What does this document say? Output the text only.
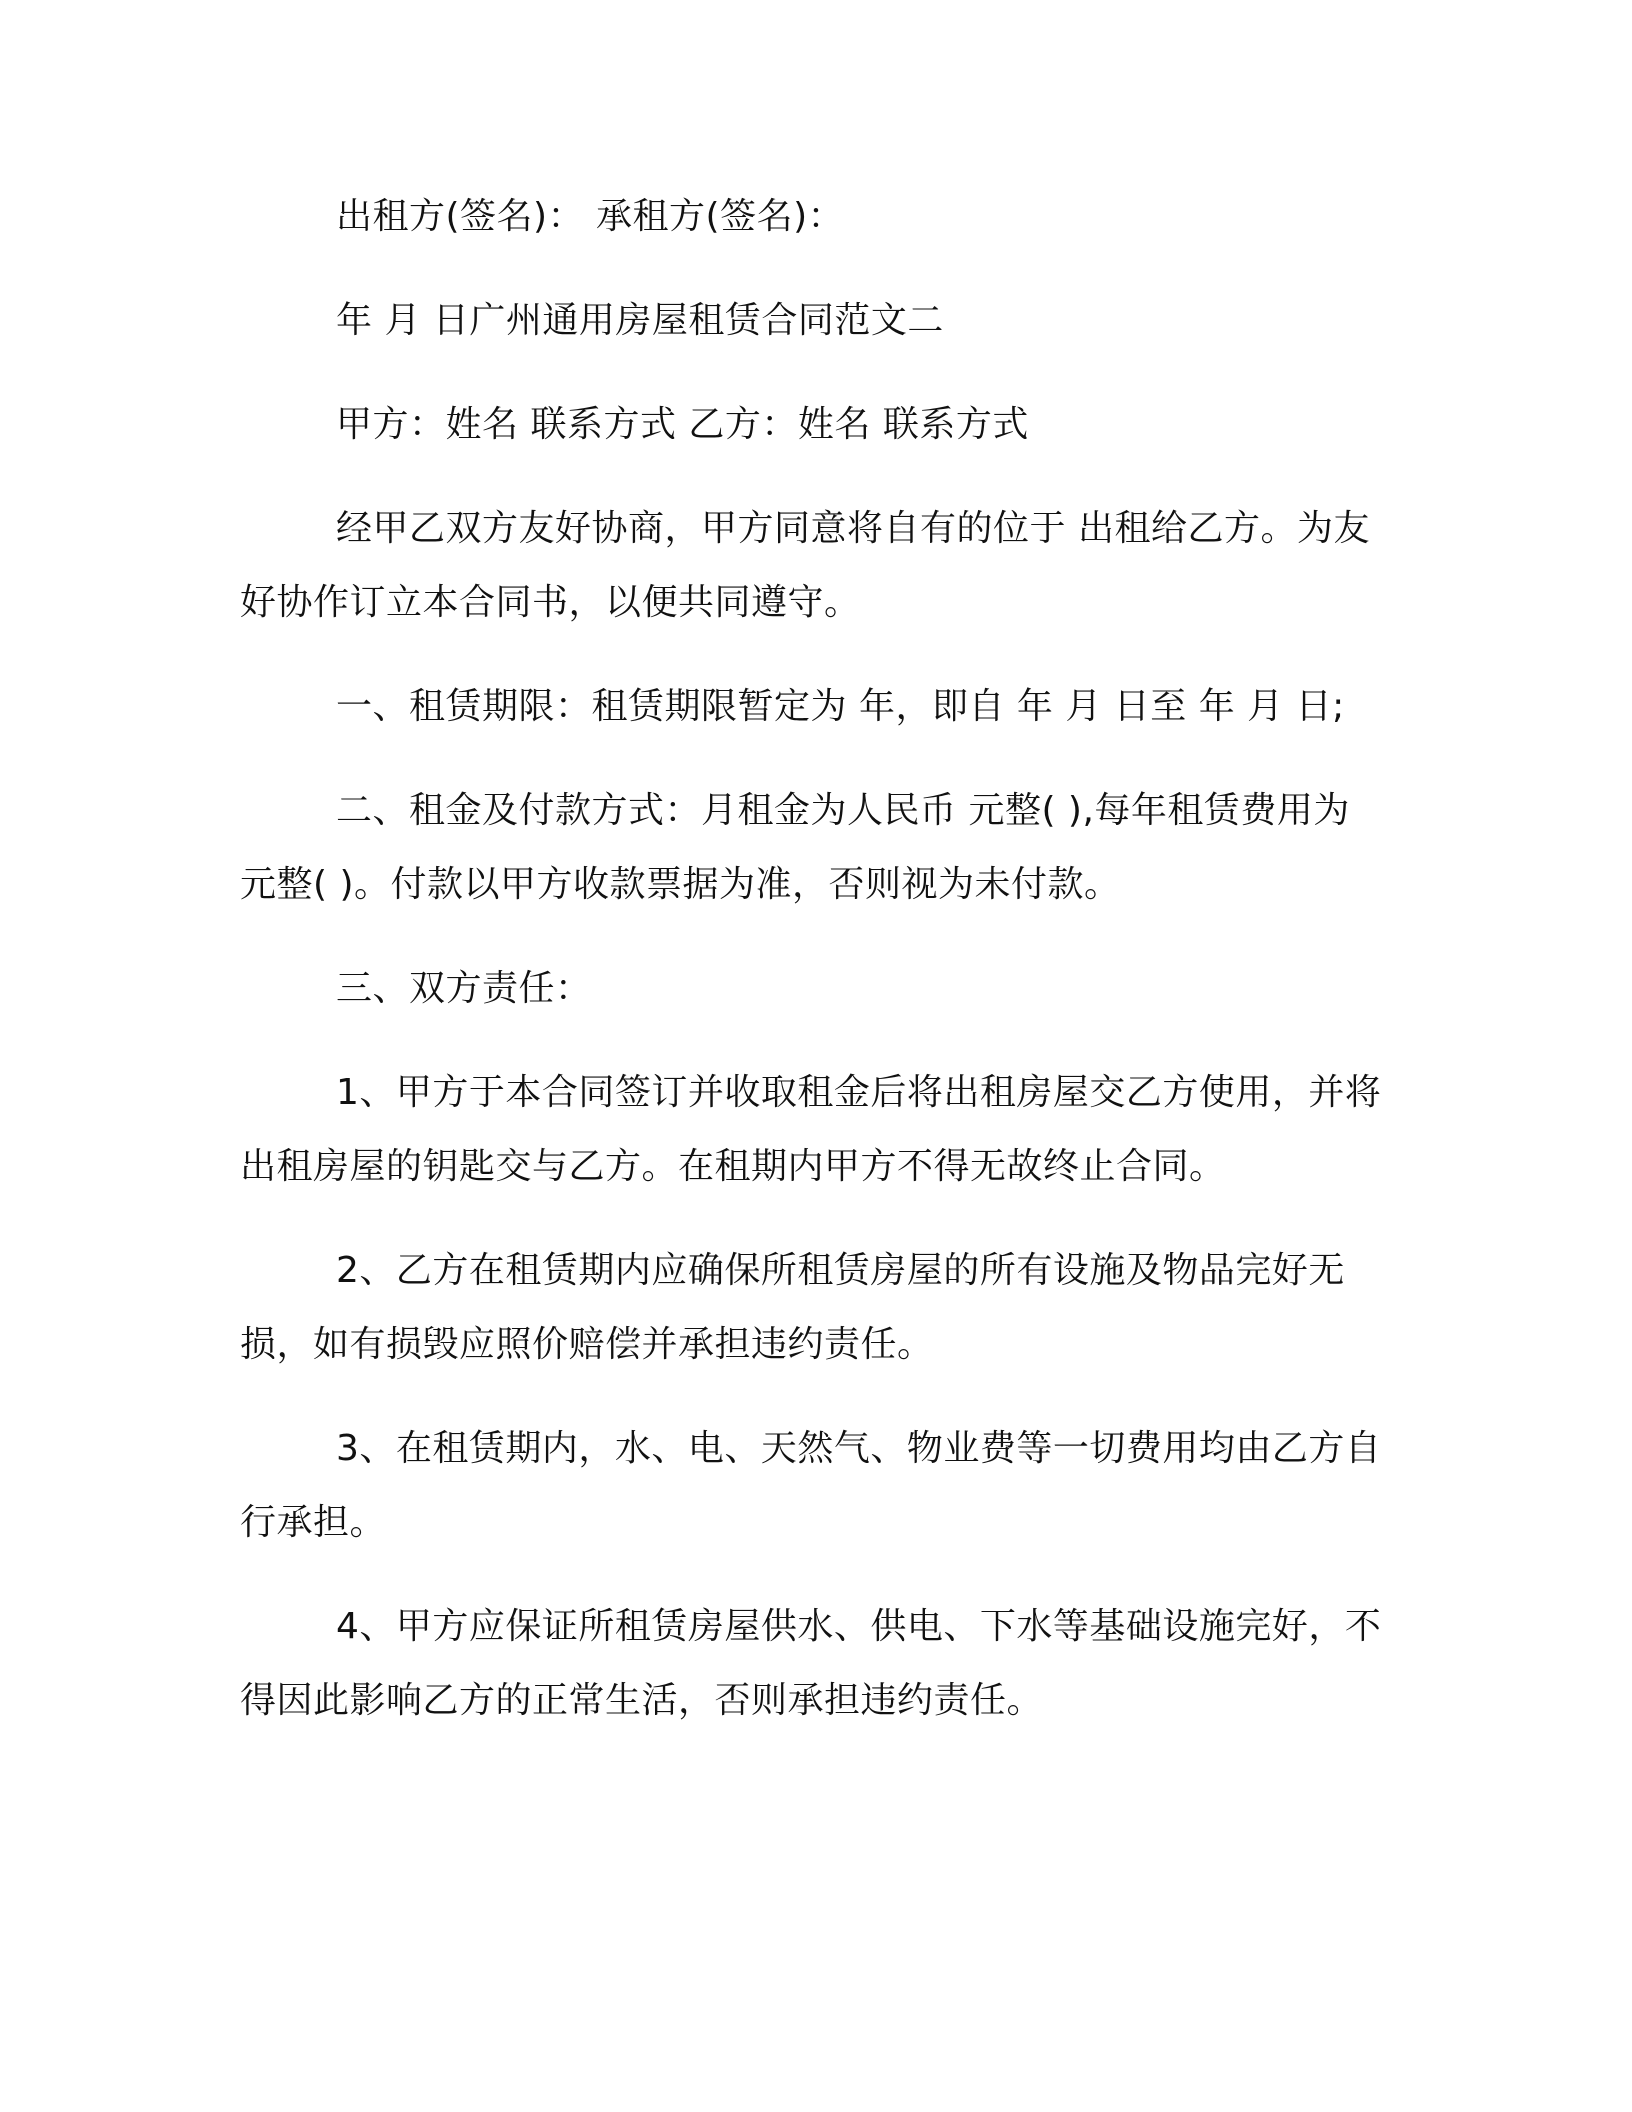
出租方(签名)： 承租方(签名)：

年 月 日广州通用房屋租赁合同范文二

甲方：姓名 联系方式 乙方：姓名 联系方式

经甲乙双方友好协商，甲方同意将自有的位于 出租给乙方。为友好协作订立本合同书，以便共同遵守。

一、租赁期限：租赁期限暂定为 年，即自 年 月 日至 年 月 日;

二、租金及付款方式：月租金为人民币 元整( ),每年租赁费用为 元整( )。付款以甲方收款票据为准，否则视为未付款。

三、双方责任：

1、甲方于本合同签订并收取租金后将出租房屋交乙方使用，并将出租房屋的钥匙交与乙方。在租期内甲方不得无故终止合同。

2、乙方在租赁期内应确保所租赁房屋的所有设施及物品完好无损，如有损毁应照价赔偿并承担违约责任。

3、在租赁期内，水、电、天然气、物业费等一切费用均由乙方自行承担。

4、甲方应保证所租赁房屋供水、供电、下水等基础设施完好，不得因此影响乙方的正常生活，否则承担违约责任。
